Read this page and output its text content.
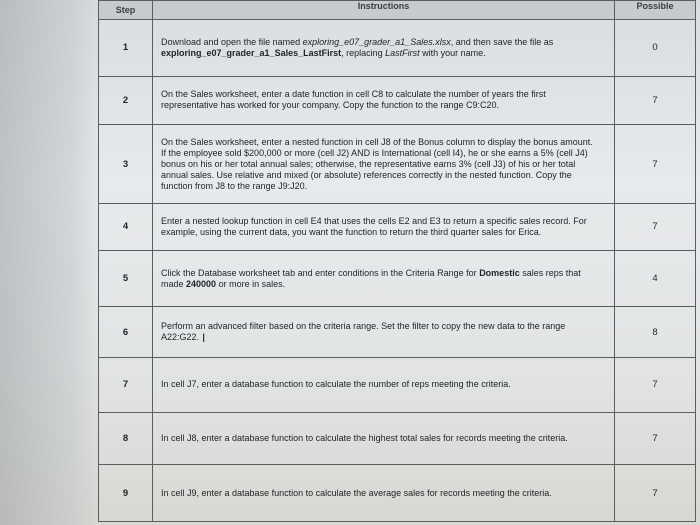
Step	Instructions	Possible
1	Download and open the file named exploring_e07_grader_a1_Sales.xlsx, and then save the file as exploring_e07_grader_a1_Sales_LastFirst, replacing LastFirst with your name.	0
2	On the Sales worksheet, enter a date function in cell C8 to calculate the number of years the first representative has worked for your company. Copy the function to the range C9:C20.	7
3	On the Sales worksheet, enter a nested function in cell J8 of the Bonus column to display the bonus amount. If the employee sold $200,000 or more (cell J2) AND is International (cell I4), he or she earns a 5% (cell J4) bonus on his or her total annual sales; otherwise, the representative earns 3% (cell J3) of his or her total annual sales. Use relative and mixed (or absolute) references correctly in the nested function. Copy the function from J8 to the range J9:J20.	7
4	Enter a nested lookup function in cell E4 that uses the cells E2 and E3 to return a specific sales record. For example, using the current data, you want the function to return the third quarter sales for Erica.	7
5	Click the Database worksheet tab and enter conditions in the Criteria Range for Domestic sales reps that made 240000 or more in sales.	4
6	Perform an advanced filter based on the criteria range. Set the filter to copy the new data to the range A22:G22. I	8
7	In cell J7, enter a database function to calculate the number of reps meeting the criteria.	7
8	In cell J8, enter a database function to calculate the highest total sales for records meeting the criteria.	7
9	In cell J9, enter a database function to calculate the average sales for records meeting the criteria.	7
